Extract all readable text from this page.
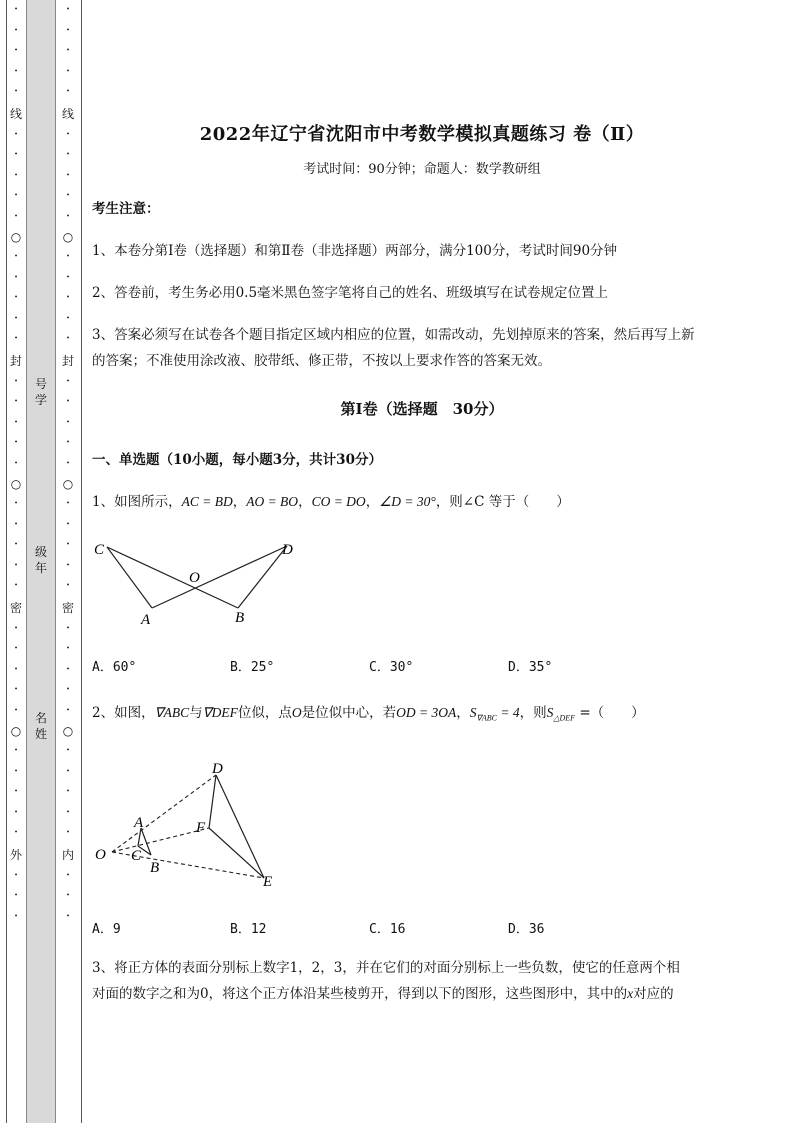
•
•
•
•
•
线
•
•
•
•
•
○
•
•
•
•
•
封
•
•
•
•
•
○
•
•
•
•
•
密
•
•
•
•
•
○
•
•
•
•
•
外
•
•
•
•
•
•
•
•
线
•
•
•
•
•
○
•
•
•
•
•
封
•
•
•
•
•
○
•
•
•
•
•
密
•
•
•
•
•
○
•
•
•
•
•
内
•
•
•
号学
级年
名姓
2022年辽宁省沈阳市中考数学模拟真题练习 卷（Ⅱ）
考试时间：90分钟；命题人：数学教研组
考生注意：
1、本卷分第Ⅰ卷（选择题）和第Ⅱ卷（非选择题）两部分，满分100分，考试时间90分钟
2、答卷前，考生务必用0.5毫米黑色签字笔将自己的姓名、班级填写在试卷规定位置上
3、答案必须写在试卷各个题目指定区域内相应的位置，如需改动，先划掉原来的答案，然后再写上新
的答案；不准使用涂改液、胶带纸、修正带，不按以上要求作答的答案无效。
第Ⅰ卷（选择题　30分）
一、单选题（10小题，每小题3分，共计30分）
1、如图所示，AC = BD，AO = BO，CO = DO，∠D = 30°，则∠C 等于（　　）
C	D
O
A	B
A．60°	B．25°	C．30°	D．35°
2、如图，∇ABC与∇DEF位似，点O是位似中心，若OD = 3OA，$S_{\nabla ABC} = 4$，则$S_{\triangle DEF}$ =（　　）
D
A	F
O C
B
E
A．9	B．12	C．16	D．36
3、将正方体的表面分别标上数字1，2，3，并在它们的对面分别标上一些负数，使它的任意两个相
对面的数字之和为0，将这个正方体沿某些棱剪开，得到以下的图形，这些图形中，其中的x对应的
